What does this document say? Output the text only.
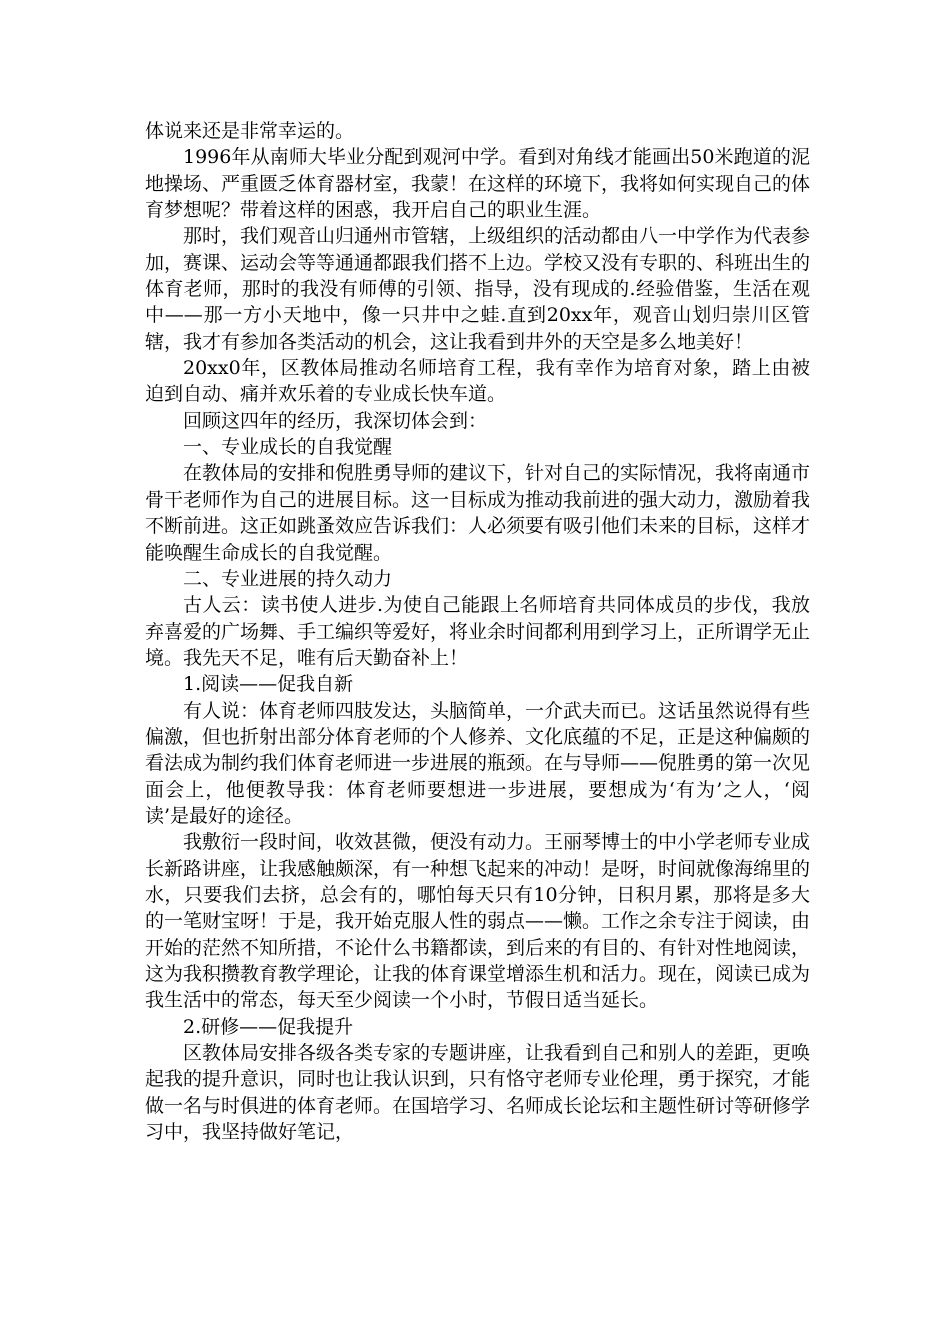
体说来还是非常幸运的。

1996年从南师大毕业分配到观河中学。看到对角线才能画出50米跑道的泥地操场、严重匮乏体育器材室，我蒙！在这样的环境下，我将如何实现自己的体育梦想呢？带着这样的困惑，我开启自己的职业生涯。

那时，我们观音山归通州市管辖，上级组织的活动都由八一中学作为代表参加，赛课、运动会等等通通都跟我们搭不上边。学校又没有专职的、科班出生的体育老师，那时的我没有师傅的引领、指导，没有现成的.经验借鉴，生活在观中——那一方小天地中，像一只井中之蛙.直到20xx年，观音山划归崇川区管辖，我才有参加各类活动的机会，这让我看到井外的天空是多么地美好！

20xx0年，区教体局推动名师培育工程，我有幸作为培育对象，踏上由被迫到自动、痛并欢乐着的专业成长快车道。

回顾这四年的经历，我深切体会到：

一、专业成长的自我觉醒

在教体局的安排和倪胜勇导师的建议下，针对自己的实际情况，我将南通市骨干老师作为自己的进展目标。这一目标成为推动我前进的强大动力，激励着我不断前进。这正如跳蚤效应告诉我们：人必须要有吸引他们未来的目标，这样才能唤醒生命成长的自我觉醒。

二、专业进展的持久动力

古人云：读书使人进步.为使自己能跟上名师培育共同体成员的步伐，我放弃喜爱的广场舞、手工编织等爱好，将业余时间都利用到学习上，正所谓学无止境。我先天不足，唯有后天勤奋补上！

1.阅读——促我自新

有人说：体育老师四肢发达，头脑简单，一介武夫而已。这话虽然说得有些偏激，但也折射出部分体育老师的个人修养、文化底蕴的不足，正是这种偏颇的看法成为制约我们体育老师进一步进展的瓶颈。在与导师——倪胜勇的第一次见面会上，他便教导我：体育老师要想进一步进展，要想成为‘有为’之人，‘阅读’是最好的途径。

我敷衍一段时间，收效甚微，便没有动力。王丽琴博士的中小学老师专业成长新路讲座，让我感触颇深，有一种想飞起来的冲动！是呀，时间就像海绵里的水，只要我们去挤，总会有的，哪怕每天只有10分钟，日积月累，那将是多大的一笔财宝呀！于是，我开始克服人性的弱点——懒。工作之余专注于阅读，由开始的茫然不知所措，不论什么书籍都读，到后来的有目的、有针对性地阅读，这为我积攒教育教学理论，让我的体育课堂增添生机和活力。现在，阅读已成为我生活中的常态，每天至少阅读一个小时，节假日适当延长。

2.研修——促我提升

区教体局安排各级各类专家的专题讲座，让我看到自己和别人的差距，更唤起我的提升意识，同时也让我认识到，只有恪守老师专业伦理，勇于探究，才能做一名与时俱进的体育老师。在国培学习、名师成长论坛和主题性研讨等研修学习中，我坚持做好笔记，
